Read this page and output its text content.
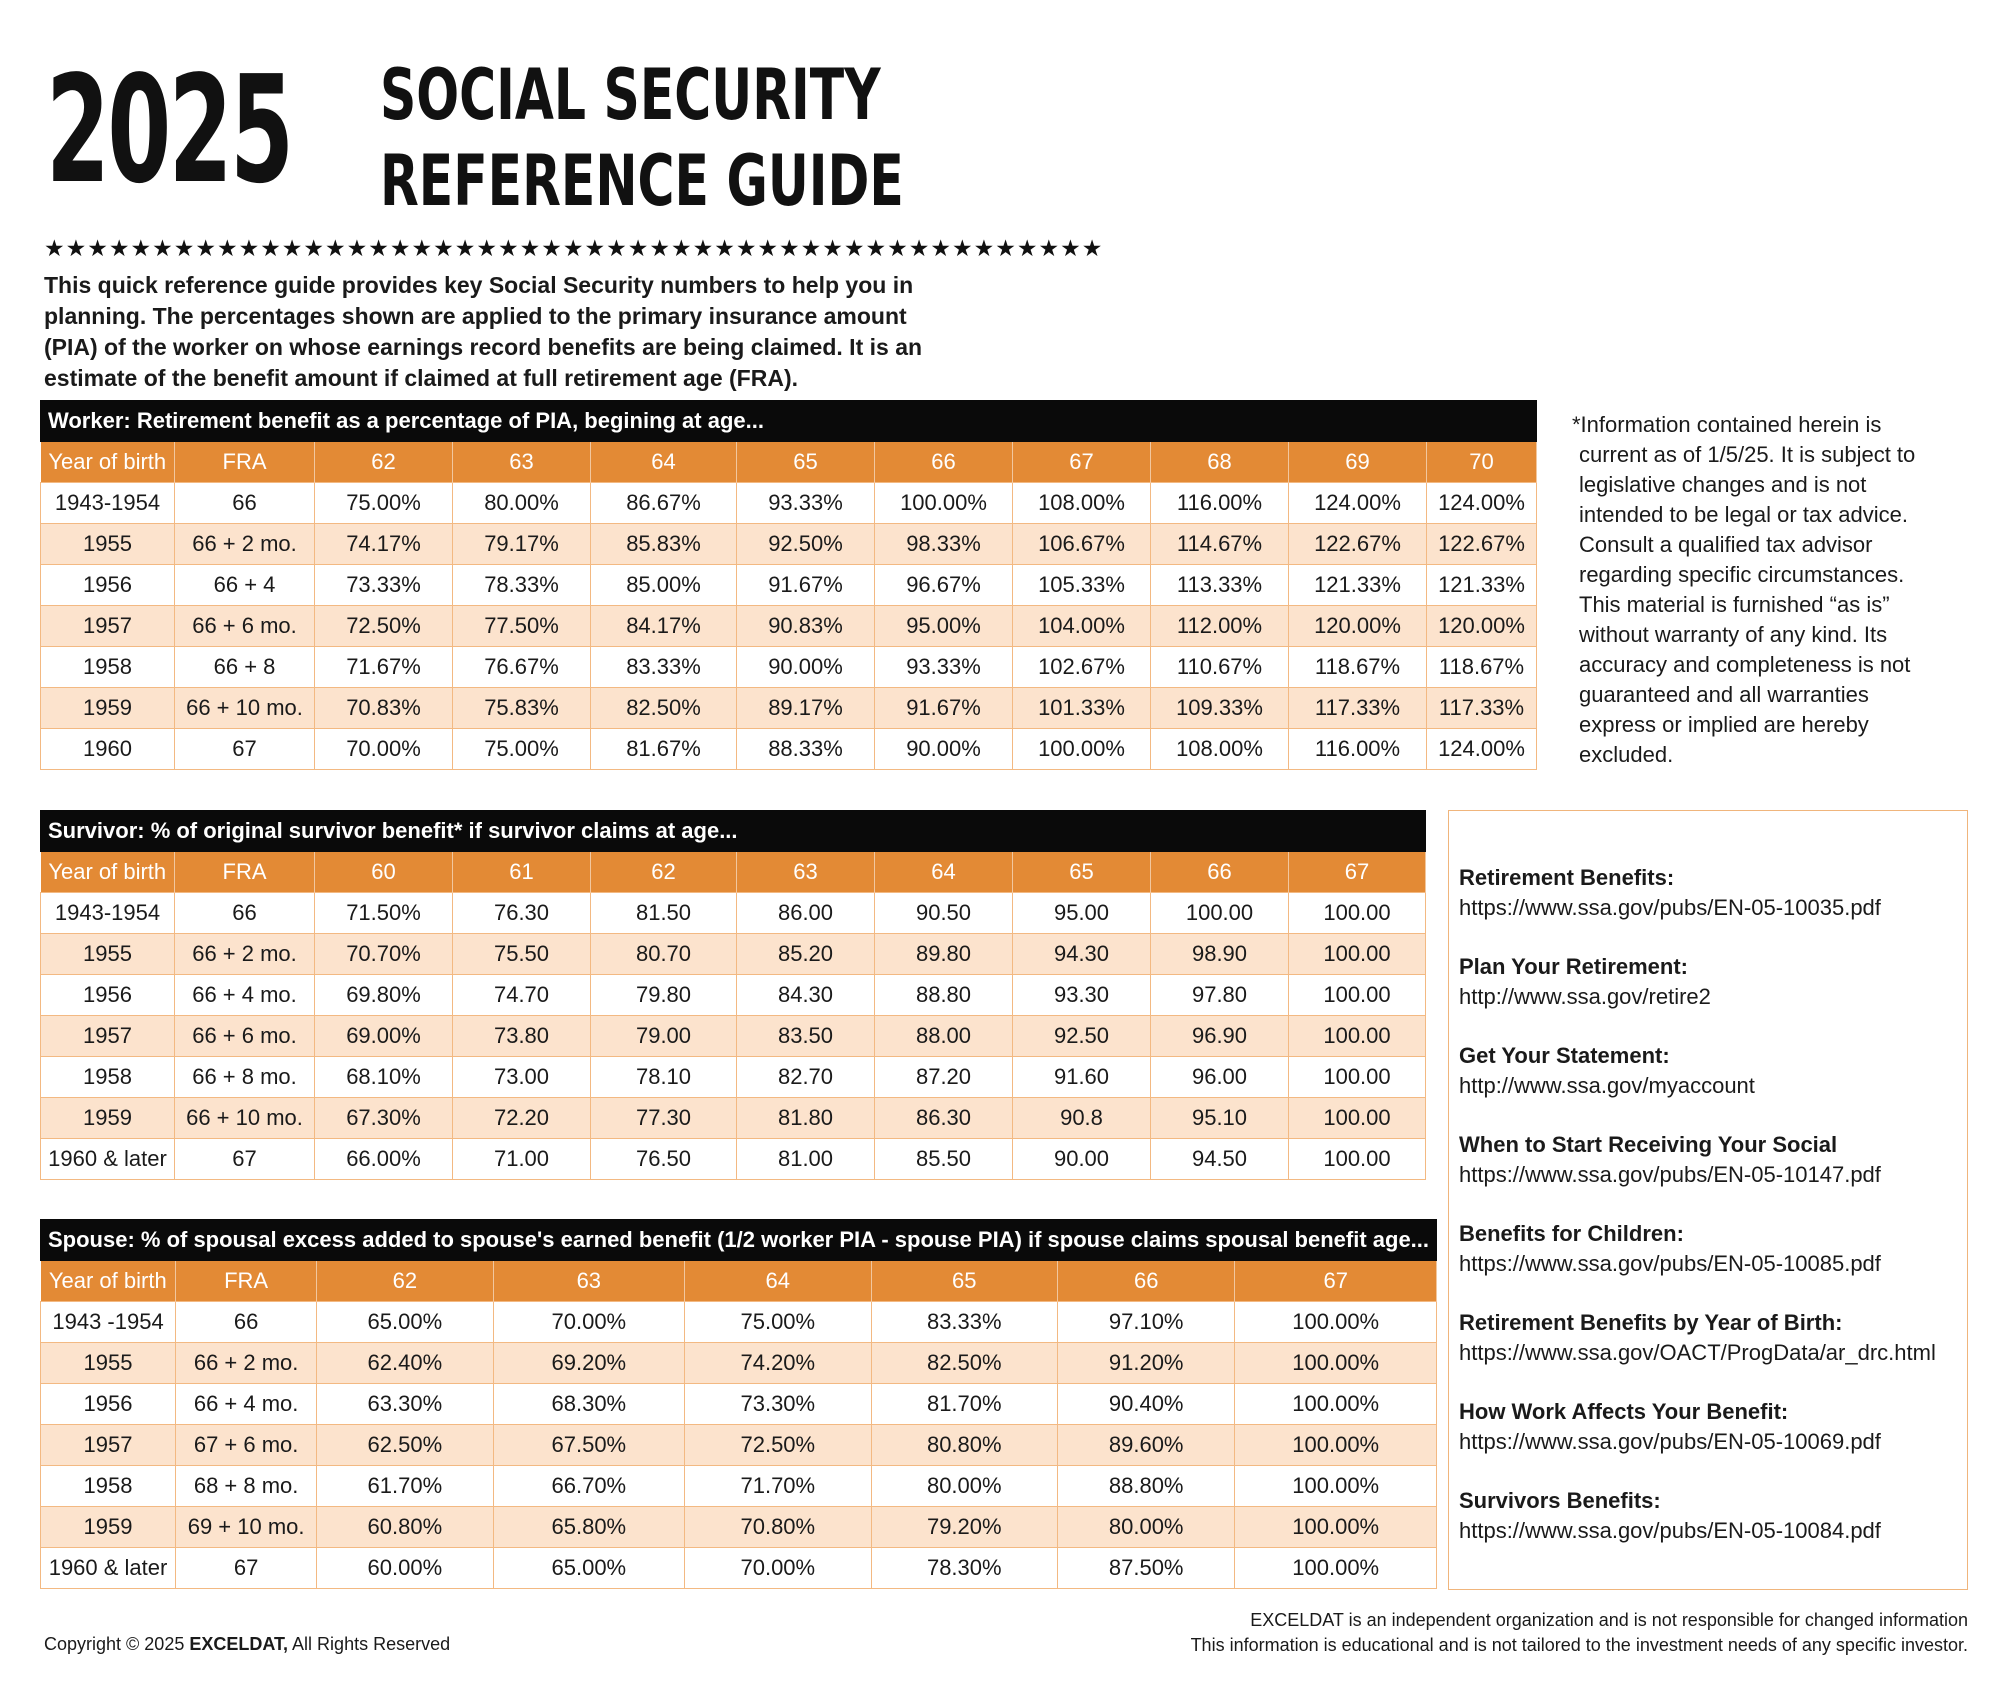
2025 SOCIAL SECURITY
REFERENCE GUIDE
★★★★★★★★★★★★★★★★★★★★★★★★★★★★★★★★★★★★★★★★★★★★★★★★★
This quick reference guide provides key Social Security numbers to help you in planning. The percentages shown are applied to the primary insurance amount (PIA) of the worker on whose earnings record benefits are being claimed. It is an estimate of the benefit amount if claimed at full retirement age (FRA).
Worker: Retirement benefit as a percentage of PIA, begining at age...
Year of birth	FRA	62	63	64	65	66	67	68	69	70
1943-1954	66	75.00%	80.00%	86.67%	93.33%	100.00%	108.00%	116.00%	124.00%	124.00%
1955	66 + 2 mo.	74.17%	79.17%	85.83%	92.50%	98.33%	106.67%	114.67%	122.67%	122.67%
1956	66 + 4	73.33%	78.33%	85.00%	91.67%	96.67%	105.33%	113.33%	121.33%	121.33%
1957	66 + 6 mo.	72.50%	77.50%	84.17%	90.83%	95.00%	104.00%	112.00%	120.00%	120.00%
1958	66 + 8	71.67%	76.67%	83.33%	90.00%	93.33%	102.67%	110.67%	118.67%	118.67%
1959	66 + 10 mo.	70.83%	75.83%	82.50%	89.17%	91.67%	101.33%	109.33%	117.33%	117.33%
1960	67	70.00%	75.00%	81.67%	88.33%	90.00%	100.00%	108.00%	116.00%	124.00%
Survivor: % of original survivor benefit* if survivor claims at age...
Year of birth	FRA	60	61	62	63	64	65	66	67
1943-1954	66	71.50%	76.30	81.50	86.00	90.50	95.00	100.00	100.00
1955	66 + 2 mo.	70.70%	75.50	80.70	85.20	89.80	94.30	98.90	100.00
1956	66 + 4 mo.	69.80%	74.70	79.80	84.30	88.80	93.30	97.80	100.00
1957	66 + 6 mo.	69.00%	73.80	79.00	83.50	88.00	92.50	96.90	100.00
1958	66 + 8 mo.	68.10%	73.00	78.10	82.70	87.20	91.60	96.00	100.00
1959	66 + 10 mo.	67.30%	72.20	77.30	81.80	86.30	90.8	95.10	100.00
1960 & later	67	66.00%	71.00	76.50	81.00	85.50	90.00	94.50	100.00
Spouse: % of spousal excess added to spouse's earned benefit (1/2 worker PIA - spouse PIA) if spouse claims spousal benefit age...
Year of birth	FRA	62	63	64	65	66	67
1943 -1954	66	65.00%	70.00%	75.00%	83.33%	97.10%	100.00%
1955	66 + 2 mo.	62.40%	69.20%	74.20%	82.50%	91.20%	100.00%
1956	66 + 4 mo.	63.30%	68.30%	73.30%	81.70%	90.40%	100.00%
1957	67 + 6 mo.	62.50%	67.50%	72.50%	80.80%	89.60%	100.00%
1958	68 + 8 mo.	61.70%	66.70%	71.70%	80.00%	88.80%	100.00%
1959	69 + 10 mo.	60.80%	65.80%	70.80%	79.20%	80.00%	100.00%
1960 & later	67	60.00%	65.00%	70.00%	78.30%	87.50%	100.00%
*Information contained herein is
current as of 1/5/25. It is subject to
legislative changes and is not
intended to be legal or tax advice.
Consult a qualified tax advisor
regarding specific circumstances.
This material is furnished “as is”
without warranty of any kind. Its
accuracy and completeness is not
guaranteed and all warranties
express or implied are hereby
excluded.
Retirement Benefits:
https://www.ssa.gov/pubs/EN-05-10035.pdf
Plan Your Retirement:
http://www.ssa.gov/retire2
Get Your Statement:
http://www.ssa.gov/myaccount
When to Start Receiving Your Social
https://www.ssa.gov/pubs/EN-05-10147.pdf
Benefits for Children:
https://www.ssa.gov/pubs/EN-05-10085.pdf
Retirement Benefits by Year of Birth:
https://www.ssa.gov/OACT/ProgData/ar_drc.html
How Work Affects Your Benefit:
https://www.ssa.gov/pubs/EN-05-10069.pdf
Survivors Benefits:
https://www.ssa.gov/pubs/EN-05-10084.pdf
Copyright © 2025 EXCELDAT, All Rights Reserved
EXCELDAT is an independent organization and is not responsible for changed information
This information is educational and is not tailored to the investment needs of any specific investor.
